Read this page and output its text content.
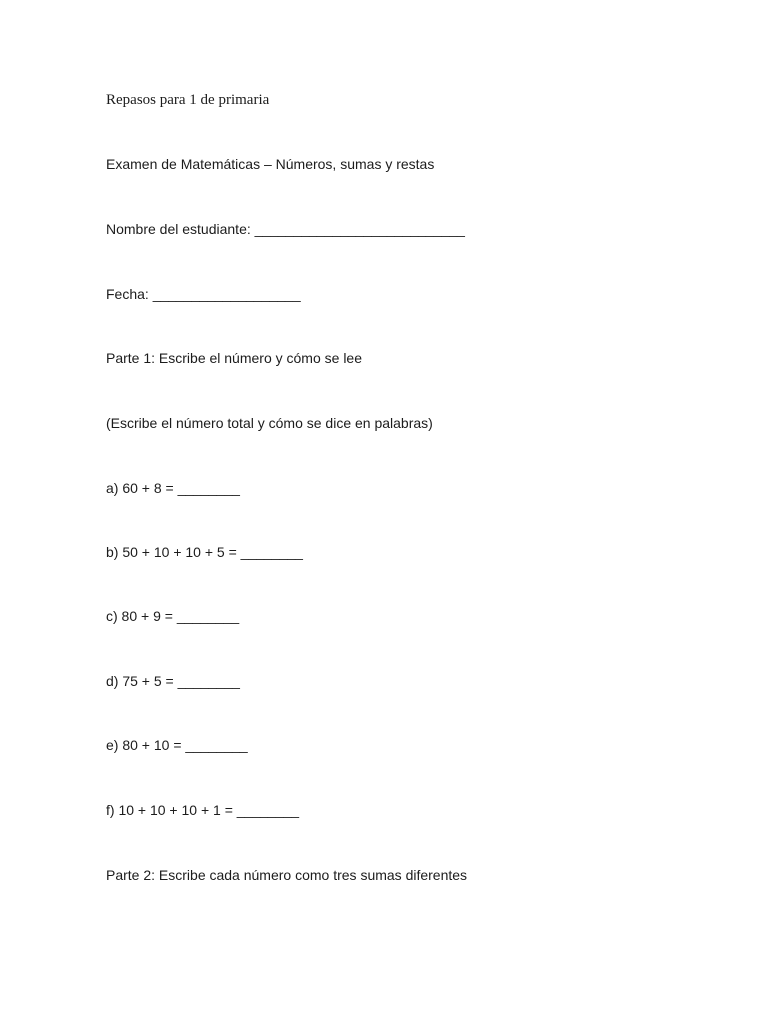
Repasos para 1 de primaria
Examen de Matemáticas – Números, sumas y restas
Nombre del estudiante: ___________________________
Fecha: ___________________
Parte 1: Escribe el número y cómo se lee
(Escribe el número total y cómo se dice en palabras)
a) 60 + 8 = ________
b) 50 + 10 + 10 + 5 = ________
c) 80 + 9 = ________
d) 75 + 5 = ________
e) 80 + 10 = ________
f) 10 + 10 + 10 + 1 = ________
Parte 2: Escribe cada número como tres sumas diferentes
